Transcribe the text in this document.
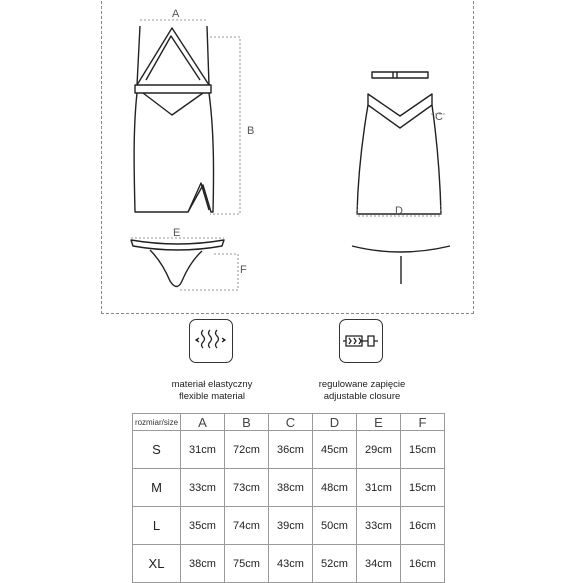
A
B
C
D
E
F
materiał elastyczny
flexible material
regulowane zapięcie
adjustable closure
rozmiar/size	A	B	C	D	E	F
S	31cm	72cm	36cm	45cm	29cm	15cm
M	33cm	73cm	38cm	48cm	31cm	15cm
L	35cm	74cm	39cm	50cm	33cm	16cm
XL	38cm	75cm	43cm	52cm	34cm	16cm
